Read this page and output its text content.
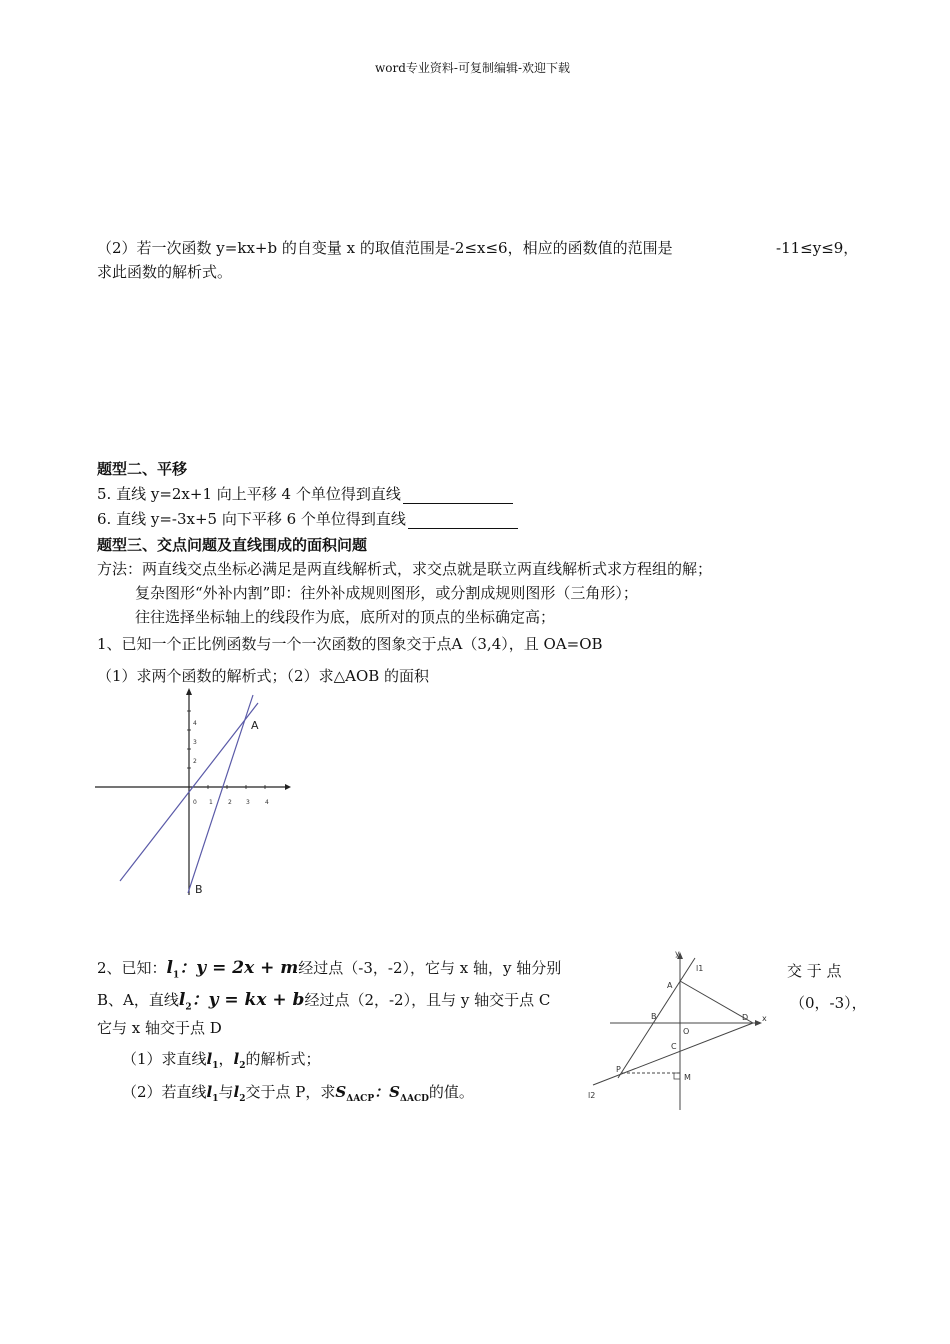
word专业资料-可复制编辑-欢迎下载
（2）若一次函数 y=kx+b 的自变量 x 的取值范围是-2≤x≤6，相应的函数值的范围是	-11≤y≤9，
求此函数的解析式。
题型二、平移
5. 直线 y=2x+1 向上平移 4 个单位得到直线
6. 直线 y=-3x+5 向下平移 6 个单位得到直线
题型三、交点问题及直线围成的面积问题
方法：两直线交点坐标必满足是两直线解析式，求交点就是联立两直线解析式求方程组的解；
复杂图形“外补内割”即：往外补成规则图形，或分割成规则图形（三角形）；
往往选择坐标轴上的线段作为底，底所对的顶点的坐标确定高；
1、已知一个正比例函数与一个一次函数的图象交于点A（3,4），且 OA=OB
（1）求两个函数的解析式；（2）求△AOB 的面积
0 1	2 3	4
2
3
4	A
B
2、已知：$l_1$：y = 2x + m经过点（-3，-2），它与 x 轴，y 轴分别	交 于 点
B、A，直线$l_2$：y = kx + b经过点（2，-2），且与 y 轴交于点 C	（0，-3），
它与 x 轴交于点 D
（1）求直线$l_1$，$l_2$的解析式；
（2）若直线$l_1$与$l_2$交于点 P，求$S_{\Delta ACP}$：$S_{\Delta ACD}$的值。
y
l1
A
B
O
D x
C
P
M
l2
